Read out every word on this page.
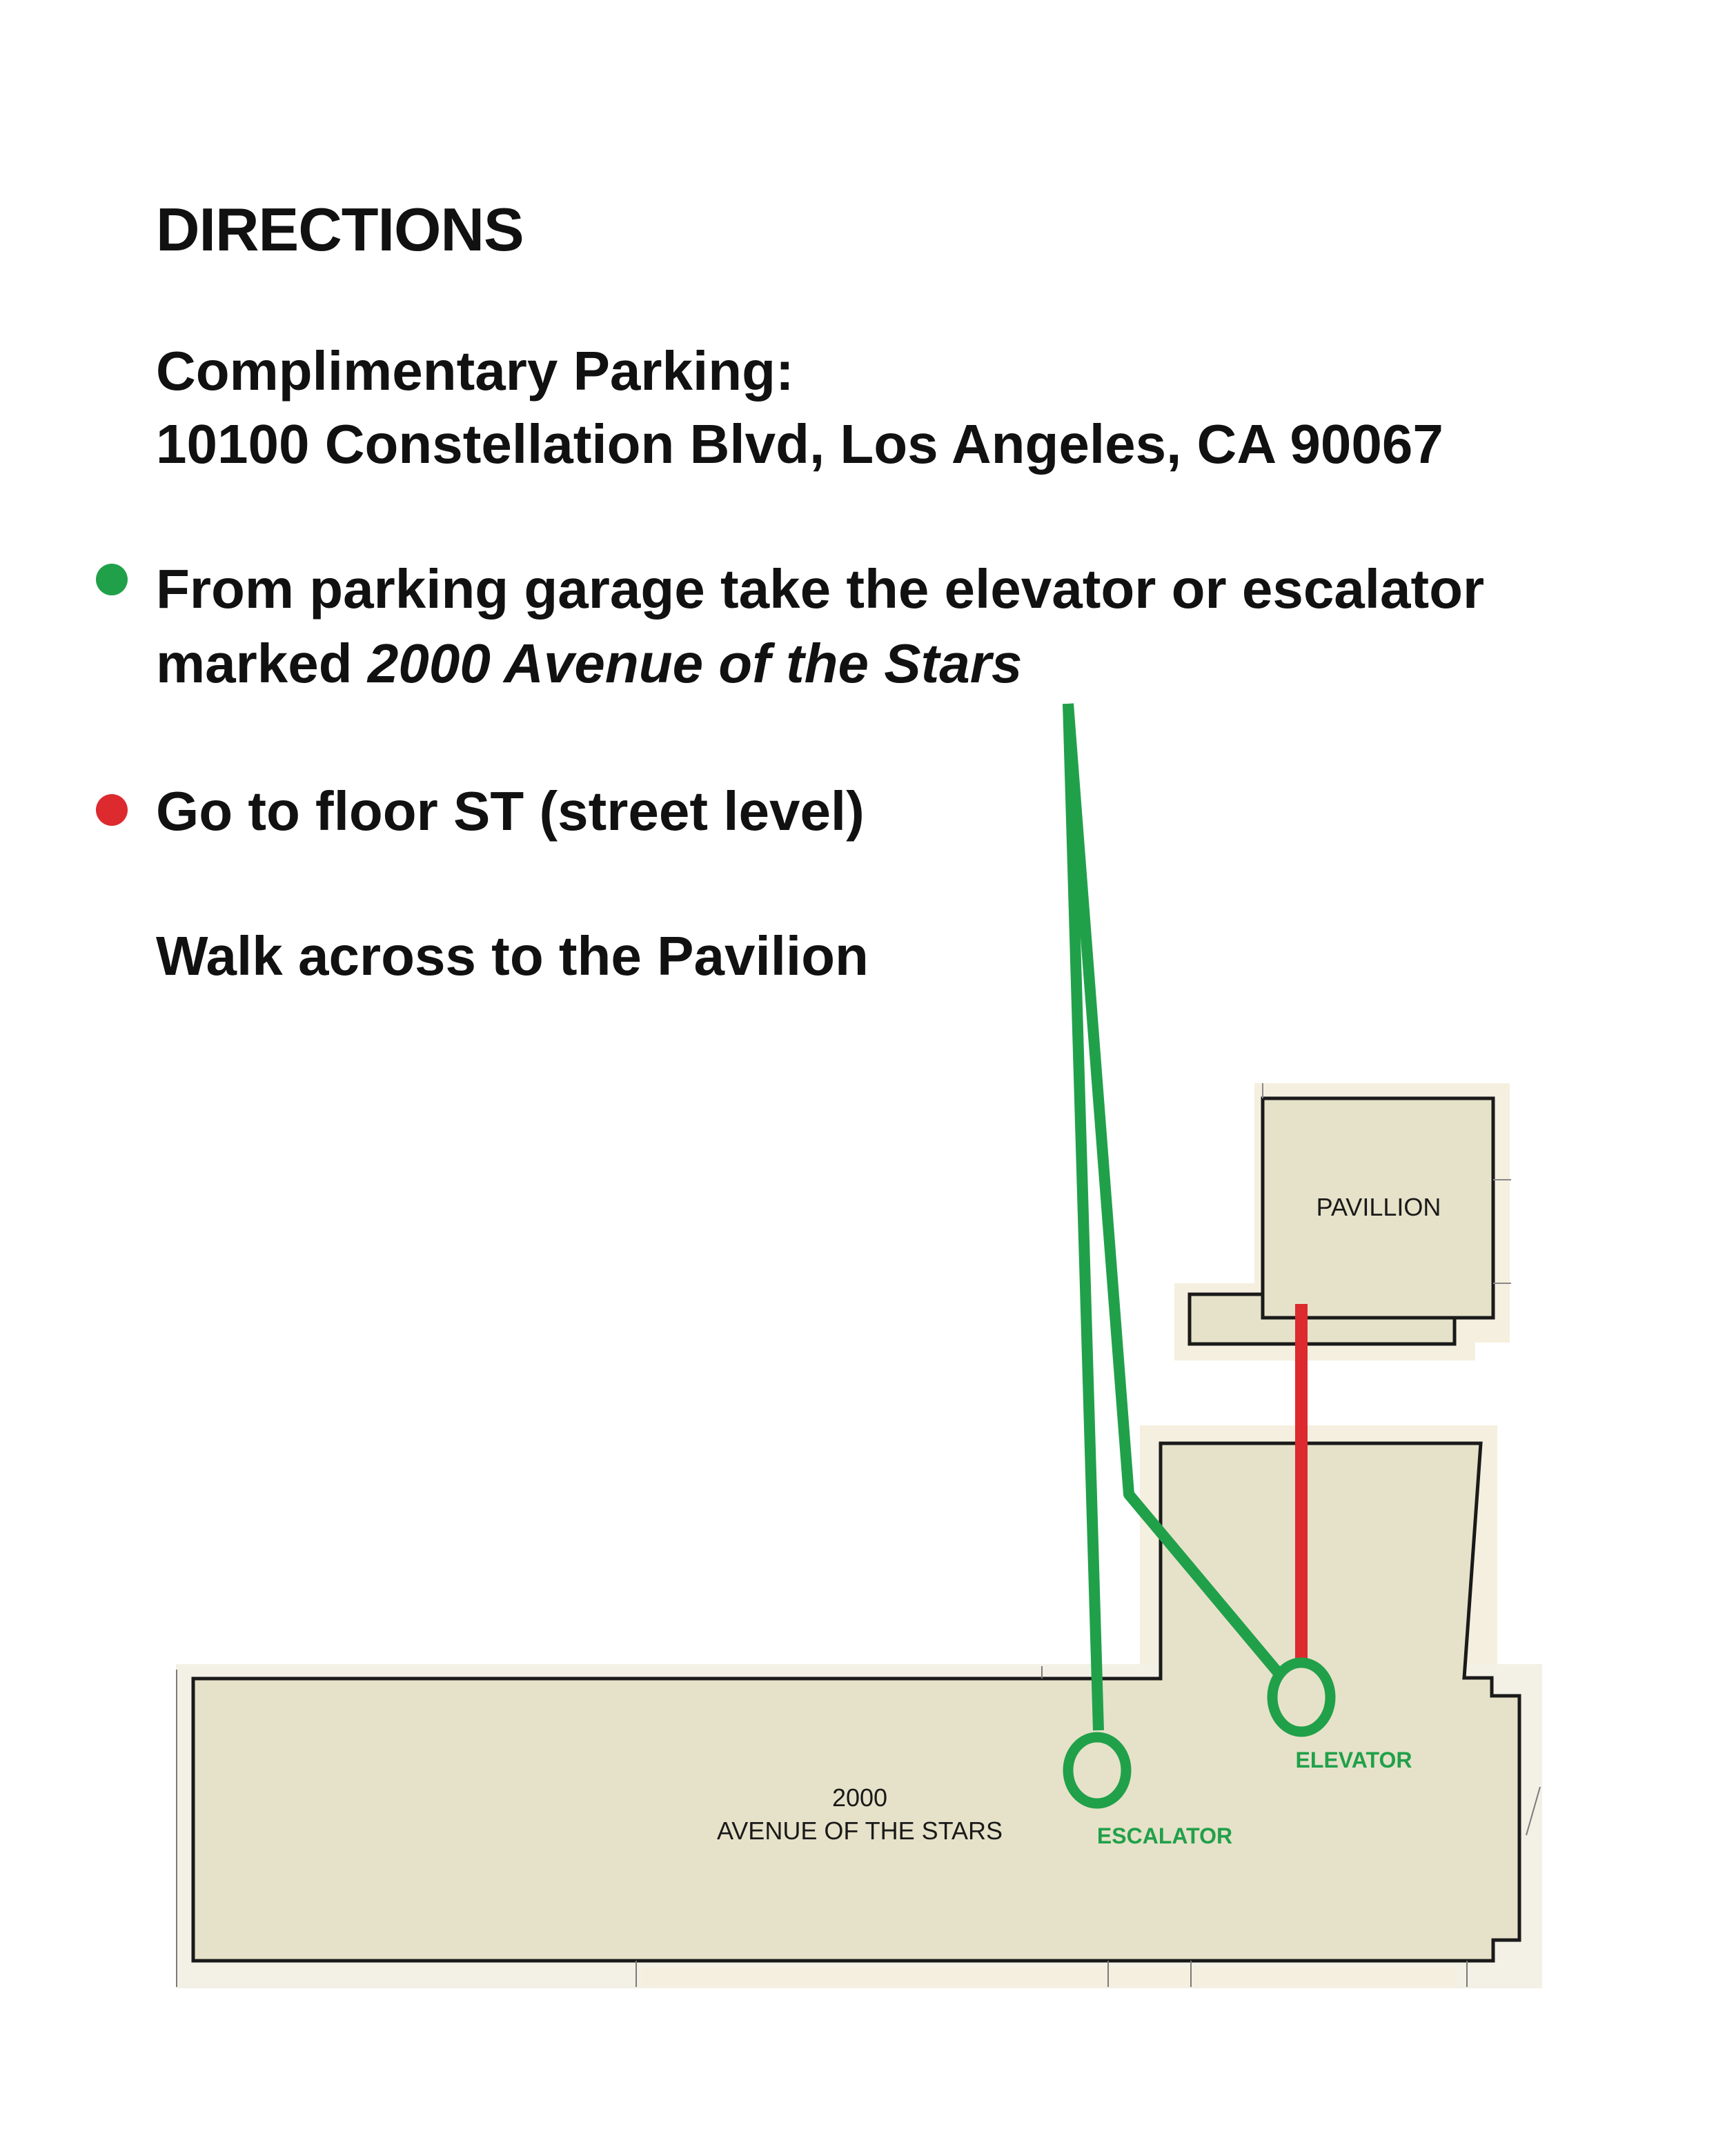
DIRECTIONS
Complimentary Parking:
10100 Constellation Blvd, Los Angeles, CA 90067
From parking garage take the elevator or escalator
marked 2000 Avenue of the Stars
Go to floor ST (street level)
Walk across to the Pavilion
PAVILLION
2000
AVENUE OF THE STARS
ELEVATOR
ESCALATOR
